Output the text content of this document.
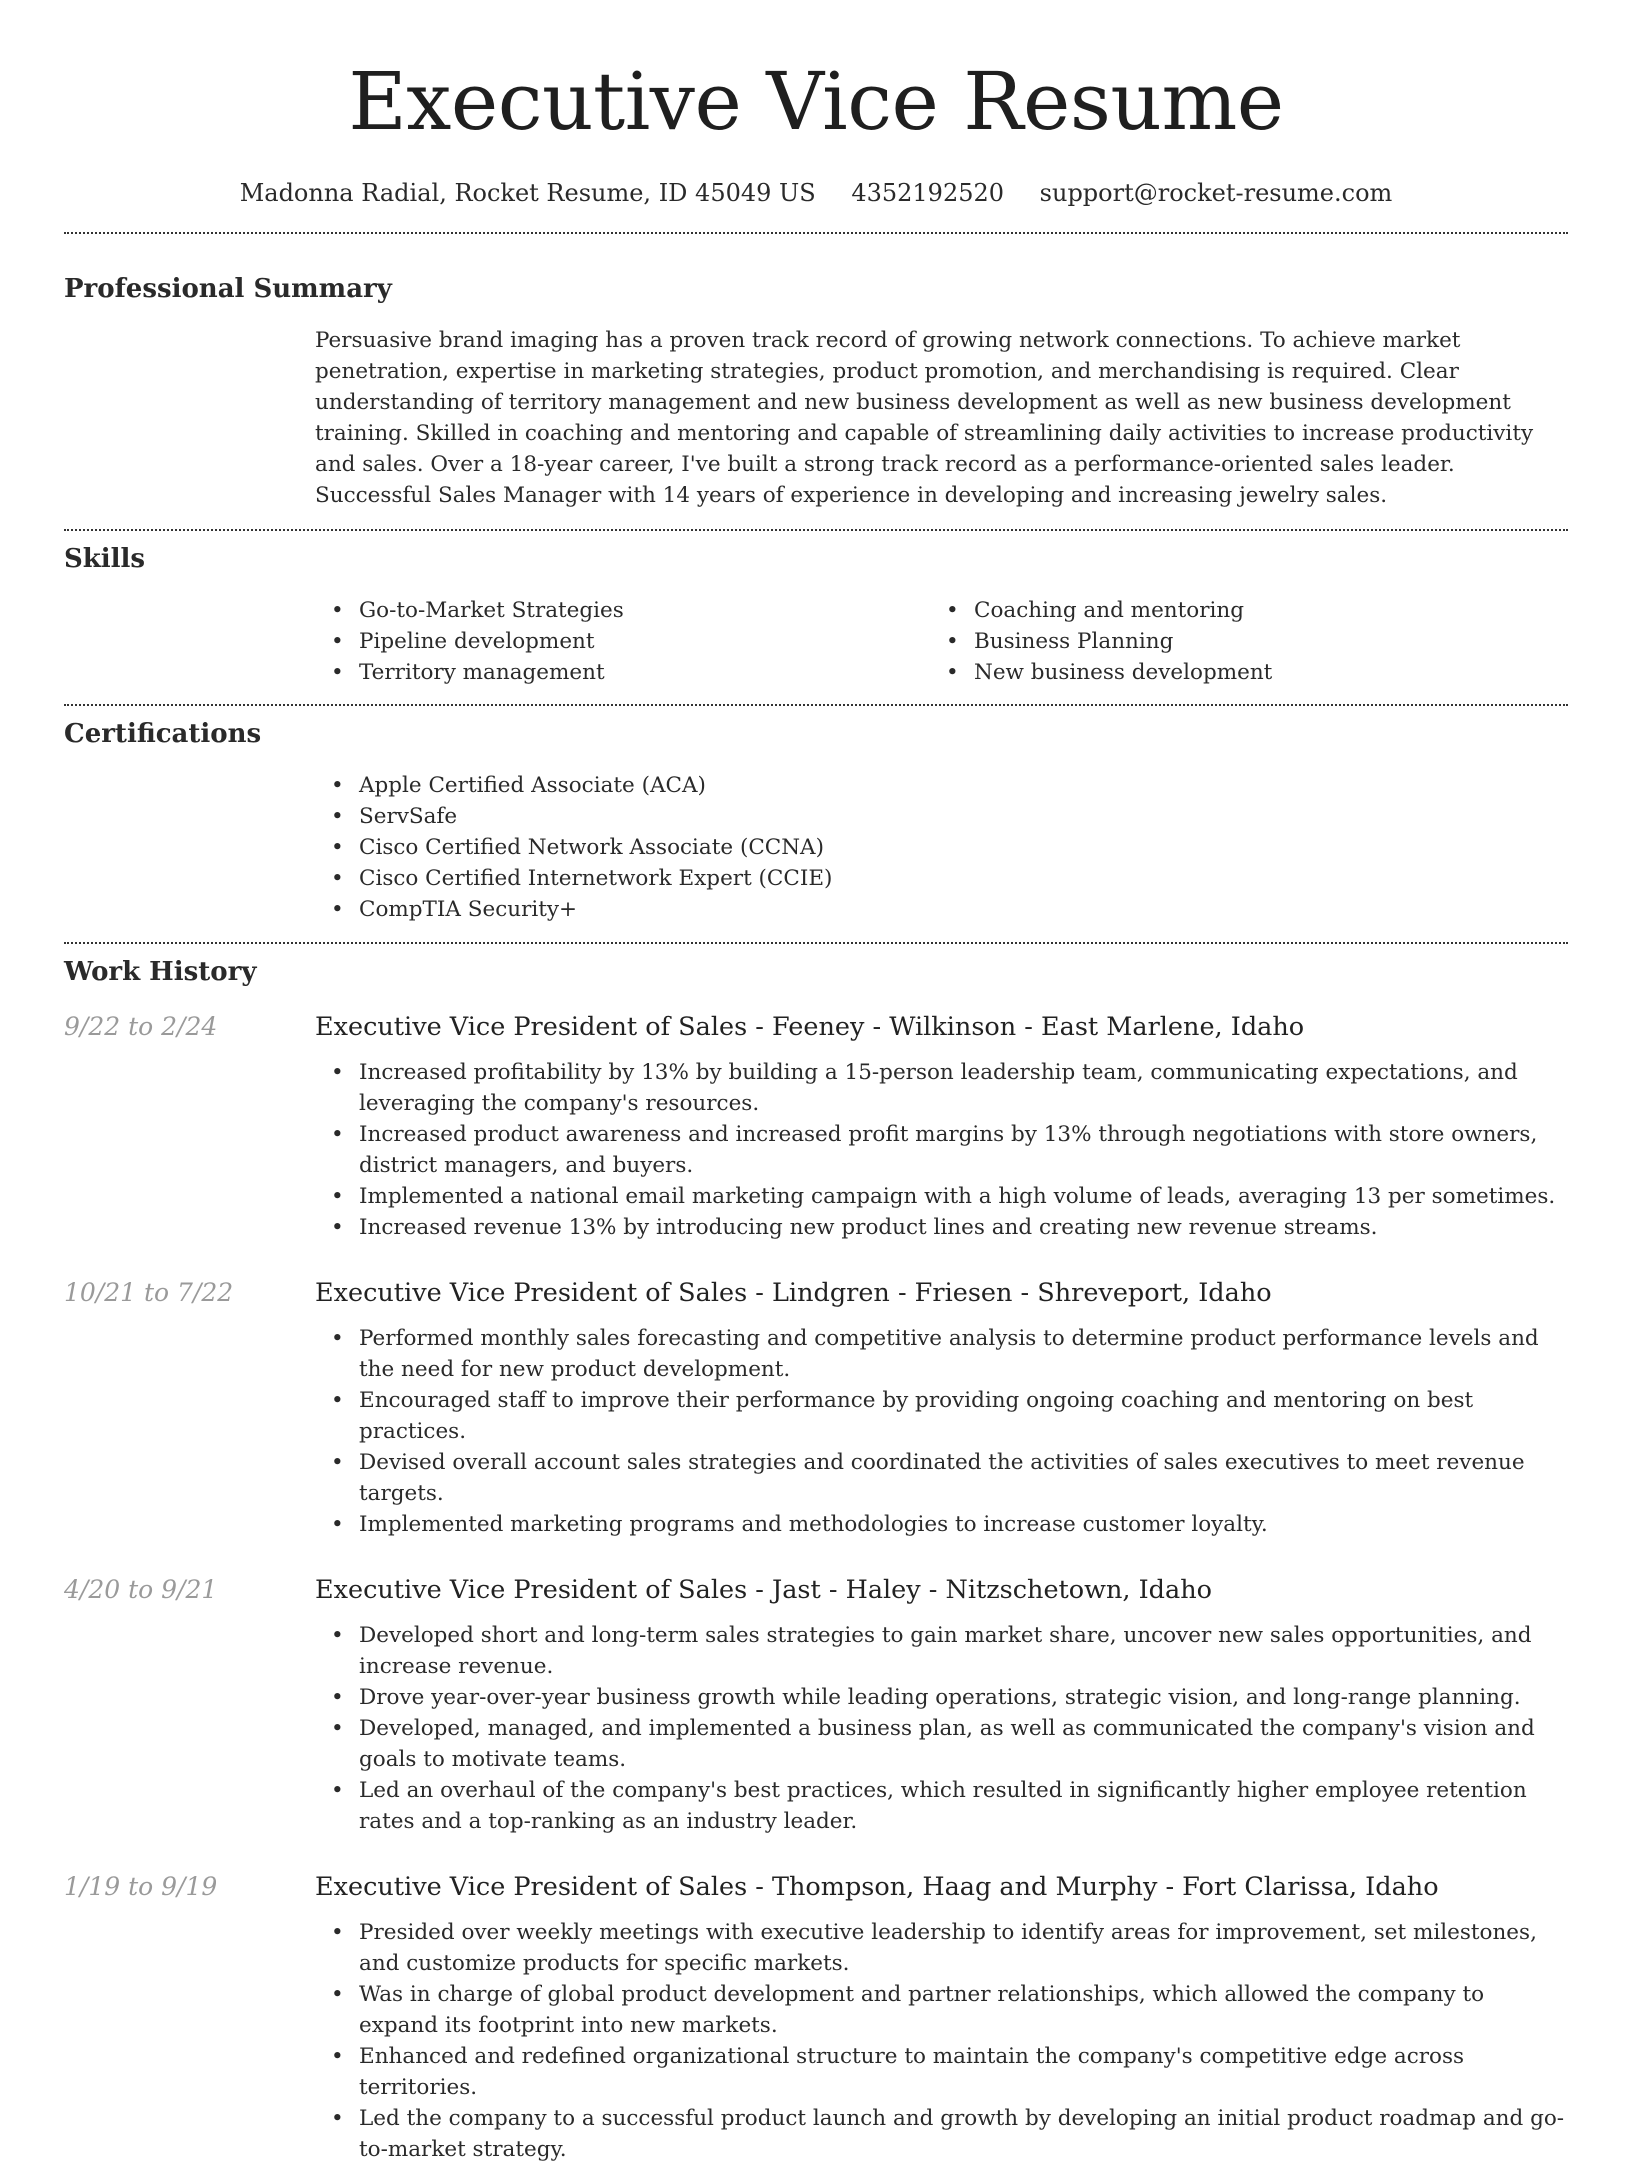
Executive Vice Resume
Madonna Radial, Rocket Resume, ID 45049 US 4352192520 support@rocket-resume.com
Professional Summary

Persuasive brand imaging has a proven track record of growing network connections. To achieve market penetration, expertise in marketing strategies, product promotion, and merchandising is required. Clear understanding of territory management and new business development as well as new business development training. Skilled in coaching and mentoring and capable of streamlining daily activities to increase productivity and sales. Over a 18-year career, I've built a strong track record as a performance-oriented sales leader. Successful Sales Manager with 14 years of experience in developing and increasing jewelry sales.

Skills
• Go-to-Market Strategies
• Pipeline development
• Territory management
• Coaching and mentoring
• Business Planning
• New business development
Certifications
• Apple Certified Associate (ACA)
• ServSafe
• Cisco Certified Network Associate (CCNA)
• Cisco Certified Internetwork Expert (CCIE)
• CompTIA Security+
Work History
9/22 to 2/24	Executive Vice President of Sales - Feeney - Wilkinson - East Marlene, Idaho
• Increased profitability by 13% by building a 15-person leadership team, communicating expectations, and leveraging the company's resources.
• Increased product awareness and increased profit margins by 13% through negotiations with store owners, district managers, and buyers.
• Implemented a national email marketing campaign with a high volume of leads, averaging 13 per sometimes.
• Increased revenue 13% by introducing new product lines and creating new revenue streams.
10/21 to 7/22	Executive Vice President of Sales - Lindgren - Friesen - Shreveport, Idaho
• Performed monthly sales forecasting and competitive analysis to determine product performance levels and the need for new product development.
• Encouraged staff to improve their performance by providing ongoing coaching and mentoring on best practices.
• Devised overall account sales strategies and coordinated the activities of sales executives to meet revenue targets.
• Implemented marketing programs and methodologies to increase customer loyalty.
4/20 to 9/21	Executive Vice President of Sales - Jast - Haley - Nitzschetown, Idaho
• Developed short and long-term sales strategies to gain market share, uncover new sales opportunities, and increase revenue.
• Drove year-over-year business growth while leading operations, strategic vision, and long-range planning.
• Developed, managed, and implemented a business plan, as well as communicated the company's vision and goals to motivate teams.
• Led an overhaul of the company's best practices, which resulted in significantly higher employee retention rates and a top-ranking as an industry leader.
1/19 to 9/19	Executive Vice President of Sales - Thompson, Haag and Murphy - Fort Clarissa, Idaho
• Presided over weekly meetings with executive leadership to identify areas for improvement, set milestones, and customize products for specific markets.
• Was in charge of global product development and partner relationships, which allowed the company to expand its footprint into new markets.
• Enhanced and redefined organizational structure to maintain the company's competitive edge across territories.
• Led the company to a successful product launch and growth by developing an initial product roadmap and go-to-market strategy.
